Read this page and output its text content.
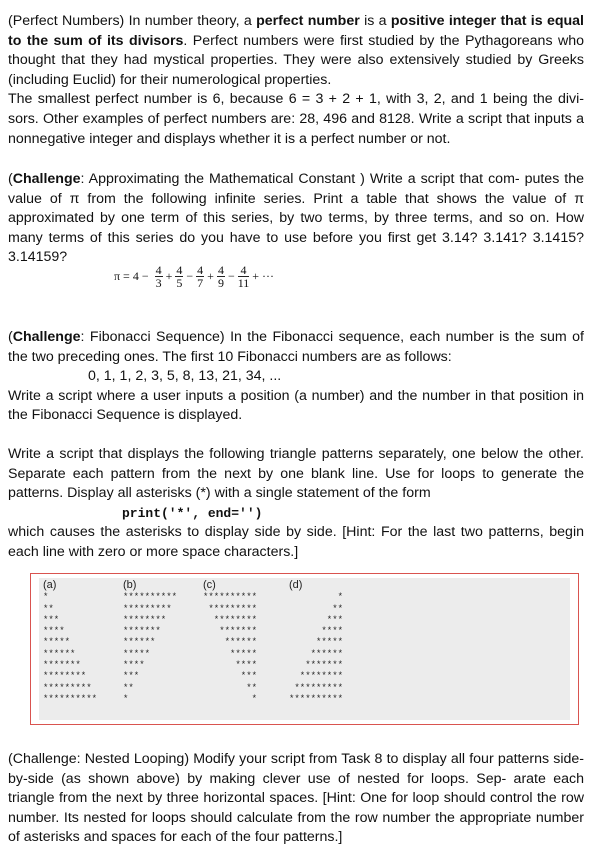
(Perfect Numbers) In number theory, a perfect number is a positive integer that is equal to the sum of its divisors. Perfect numbers were first studied by the Pythagoreans who thought that they had mystical properties. They were also extensively studied by Greeks (including Euclid) for their numerological properties.

The smallest perfect number is 6, because 6 = 3 + 2 + 1, with 3, 2, and 1 being the divi- sors. Other examples of perfect numbers are: 28, 496 and 8128. Write a script that inputs a nonnegative integer and displays whether it is a perfect number or not.

(Challenge: Approximating the Mathematical Constant ) Write a script that com- putes the value of π from the following infinite series. Print a table that shows the value of π approximated by one term of this series, by two terms, by three terms, and so on. How many terms of this series do you have to use before you first get 3.14? 3.141? 3.1415? 3.14159?

(Challenge: Fibonacci Sequence) In the Fibonacci sequence, each number is the sum of the two preceding ones. The first 10 Fibonacci numbers are as follows:

0, 1, 1, 2, 3, 5, 8, 13, 21, 34, ...

Write a script where a user inputs a position (a number) and the number in that position in the Fibonacci Sequence is displayed.

Write a script that displays the following triangle patterns separately, one below the other. Separate each pattern from the next by one blank line. Use for loops to generate the patterns. Display all asterisks (*) with a single statement of the form

print('*', end='')

which causes the asterisks to display side by side. [Hint: For the last two patterns, begin each line with zero or more space characters.]

(Challenge: Nested Looping) Modify your script from Task 8 to display all four patterns side-by-side (as shown above) by making clever use of nested for loops. Sep- arate each triangle from the next by three horizontal spaces. [Hint: One for loop should control the row number. Its nested for loops should calculate from the row number the appropriate number of asterisks and spaces for each of the four patterns.]

$\pi = 4 - \frac{4}{3} + \frac{4}{5} - \frac{4}{7} + \frac{4}{9} - \frac{4}{11}$ + ···
(a)
*
**
***
****
*****
******
*******
********
*********
**********
(b)
**********
*********
********
*******
******
*****
****
***
**
*
(c)
**********
*********
********
*******
******
*****
****
***
**
*
(d)
*
**
***
****
*****
******
*******
********
*********
**********
